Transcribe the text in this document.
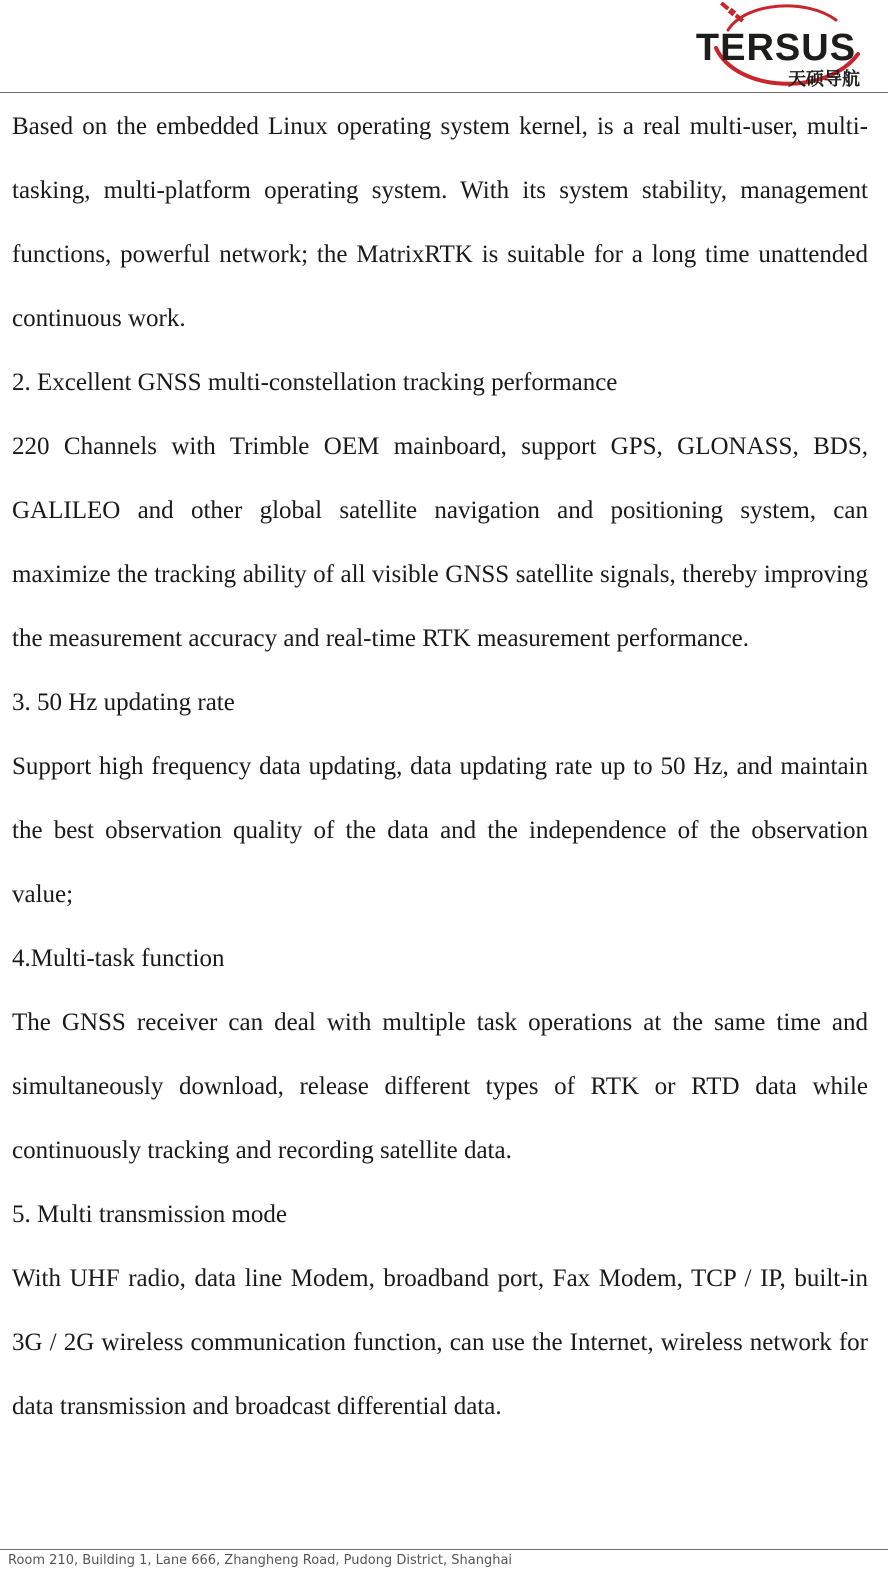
TERSUS
天硕导航

Based on the embedded Linux operating system kernel, is a real multi-user, multi-tasking, multi-platform operating system. With its system stability, management functions, powerful network; the MatrixRTK is suitable for a long time unattended continuous work.

2. Excellent GNSS multi-constellation tracking performance

220 Channels with Trimble OEM mainboard, support GPS, GLONASS, BDS, GALILEO and other global satellite navigation and positioning system, can maximize the tracking ability of all visible GNSS satellite signals, thereby improving the measurement accuracy and real-time RTK measurement performance.

3. 50 Hz updating rate

Support high frequency data updating, data updating rate up to 50 Hz, and maintain the best observation quality of the data and the independence of the observation value;

4.Multi-task function

The GNSS receiver can deal with multiple task operations at the same time and simultaneously download, release different types of RTK or RTD data while continuously tracking and recording satellite data.

5. Multi transmission mode

With UHF radio, data line Modem, broadband port, Fax Modem, TCP / IP, built-in 3G / 2G wireless communication function, can use the Internet, wireless network for data transmission and broadcast differential data.

Room 210, Building 1, Lane 666, Zhangheng Road, Pudong District, Shanghai
